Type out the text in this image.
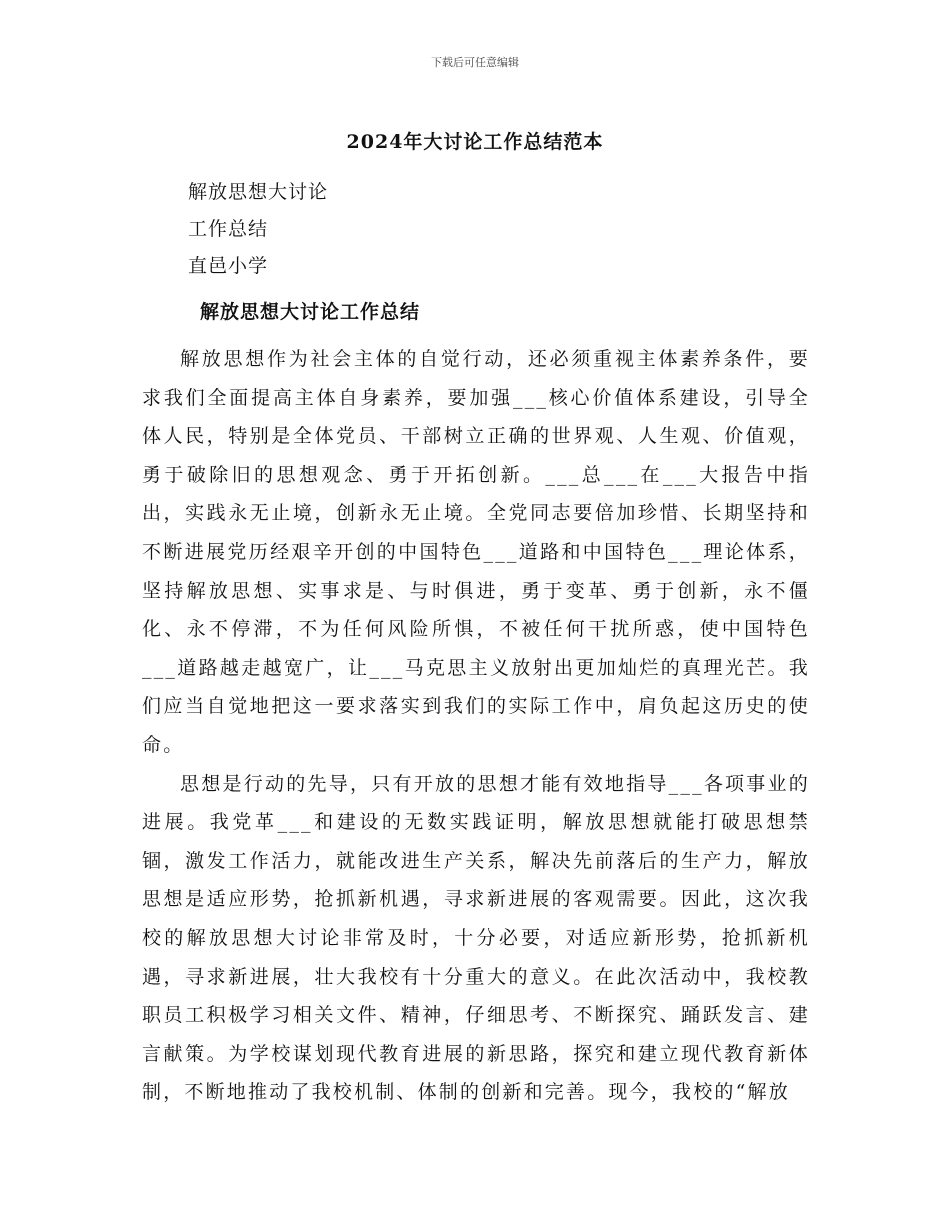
下载后可任意编辑
2024年大讨论工作总结范本
解放思想大讨论
工作总结
直邑小学
解放思想大讨论工作总结

解放思想作为社会主体的自觉行动，还必须重视主体素养条件，要求我们全面提高主体自身素养，要加强___核心价值体系建设，引导全体人民，特别是全体党员、干部树立正确的世界观、人生观、价值观，勇于破除旧的思想观念、勇于开拓创新。___总___在___大报告中指出，实践永无止境，创新永无止境。全党同志要倍加珍惜、长期坚持和不断进展党历经艰辛开创的中国特色___道路和中国特色___理论体系，坚持解放思想、实事求是、与时俱进，勇于变革、勇于创新，永不僵化、永不停滞，不为任何风险所惧，不被任何干扰所惑，使中国特色___道路越走越宽广，让___马克思主义放射出更加灿烂的真理光芒。我们应当自觉地把这一要求落实到我们的实际工作中，肩负起这历史的使命。

思想是行动的先导，只有开放的思想才能有效地指导___各项事业的进展。我党革___和建设的无数实践证明，解放思想就能打破思想禁锢，激发工作活力，就能改进生产关系，解决先前落后的生产力，解放思想是适应形势，抢抓新机遇，寻求新进展的客观需要。因此，这次我校的解放思想大讨论非常及时，十分必要，对适应新形势，抢抓新机遇，寻求新进展，壮大我校有十分重大的意义。在此次活动中，我校教职员工积极学习相关文件、精神，仔细思考、不断探究、踊跃发言、建言献策。为学校谋划现代教育进展的新思路，探究和建立现代教育新体制，不断地推动了我校机制、体制的创新和完善。现今，我校的“解放
